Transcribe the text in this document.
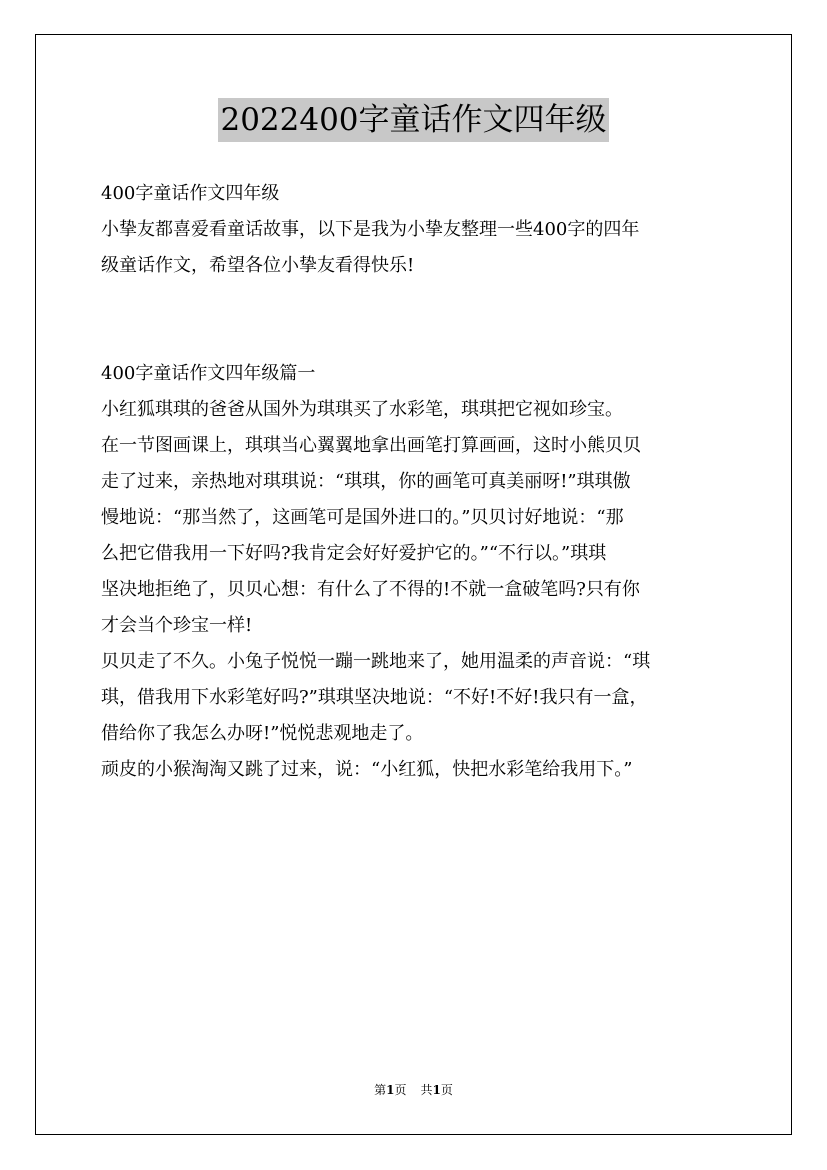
2022400字童话作文四年级
400字童话作文四年级
小挚友都喜爱看童话故事，以下是我为小挚友整理一些400字的四年
级童话作文，希望各位小挚友看得快乐!
400字童话作文四年级篇一
小红狐琪琪的爸爸从国外为琪琪买了水彩笔，琪琪把它视如珍宝。
在一节图画课上，琪琪当心翼翼地拿出画笔打算画画，这时小熊贝贝
走了过来，亲热地对琪琪说：“琪琪，你的画笔可真美丽呀!”琪琪傲
慢地说：“那当然了，这画笔可是国外进口的。”贝贝讨好地说：“那
么把它借我用一下好吗?我肯定会好好爱护它的。”“不行以。”琪琪
坚决地拒绝了，贝贝心想：有什么了不得的!不就一盒破笔吗?只有你
才会当个珍宝一样!
贝贝走了不久。小兔子悦悦一蹦一跳地来了，她用温柔的声音说：“琪
琪，借我用下水彩笔好吗?”琪琪坚决地说：“不好!不好!我只有一盒，
借给你了我怎么办呀!”悦悦悲观地走了。
顽皮的小猴淘淘又跳了过来，说：“小红狐，快把水彩笔给我用下。”
第1页 共1页
